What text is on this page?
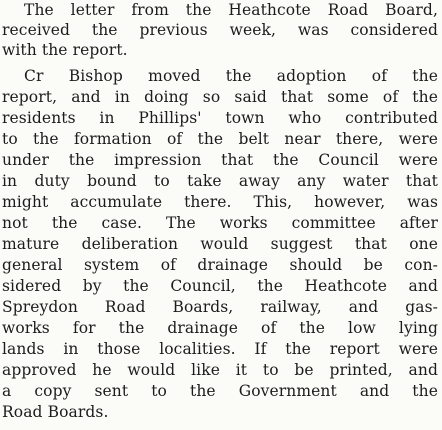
The letter from the Heathcote Road Board,
received the previous week, was considered
with the report.
Cr Bishop moved the adoption of the
report, and in doing so said that some of the
residents in Phillips' town who contributed
to the formation of the belt near there, were
under the impression that the Council were
in duty bound to take away any water that
might accumulate there. This, however, was
not the case. The works committee after
mature deliberation would suggest that one
general system of drainage should be con-
sidered by the Council, the Heathcote and
Spreydon Road Boards, railway, and gas-
works for the drainage of the low lying
lands in those localities. If the report were
approved he would like it to be printed, and
a copy sent to the Government and the
Road Boards.
